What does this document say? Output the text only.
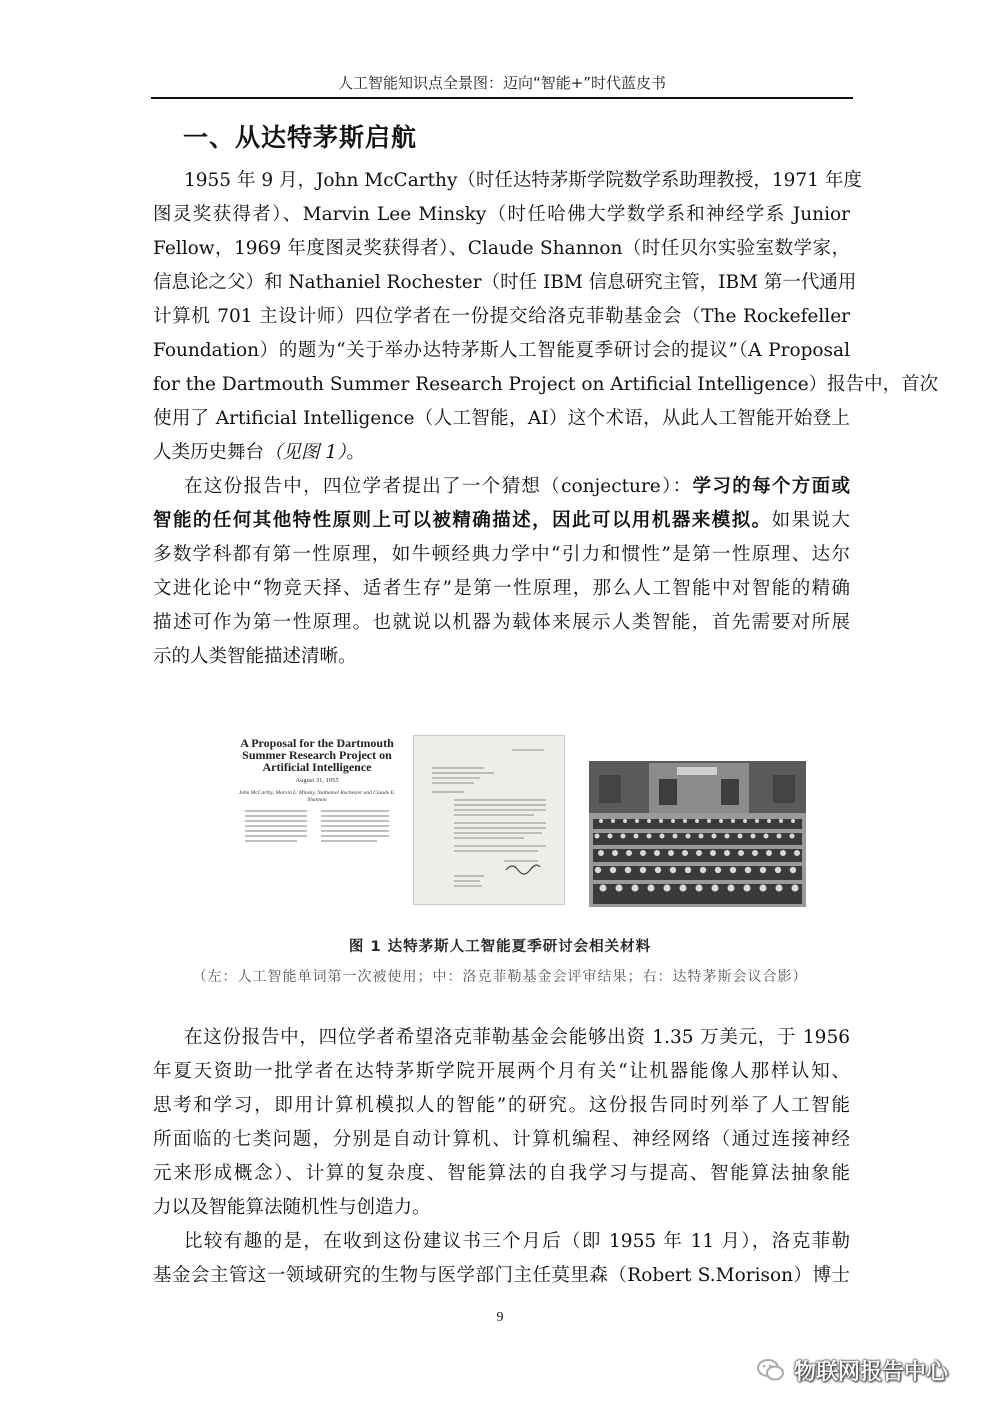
人工智能知识点全景图：迈向“智能+”时代蓝皮书
一、从达特茅斯启航
1955 年 9 月，John McCarthy（时任达特茅斯学院数学系助理教授，1971 年度
图灵奖获得者）、Marvin Lee Minsky（时任哈佛大学数学系和神经学系 Junior
Fellow，1969 年度图灵奖获得者）、Claude Shannon（时任贝尔实验室数学家，
信息论之父）和 Nathaniel Rochester（时任 IBM 信息研究主管，IBM 第一代通用
计算机 701 主设计师）四位学者在一份提交给洛克菲勒基金会（The Rockefeller
Foundation）的题为“关于举办达特茅斯人工智能夏季研讨会的提议”（A Proposal
for the Dartmouth Summer Research Project on Artificial Intelligence）报告中，首次
使用了 Artificial Intelligence（人工智能，AI）这个术语，从此人工智能开始登上
人类历史舞台（见图 1）。
在这份报告中，四位学者提出了一个猜想（conjecture）：学习的每个方面或
智能的任何其他特性原则上可以被精确描述，因此可以用机器来模拟。如果说大
多数学科都有第一性原理，如牛顿经典力学中“引力和惯性”是第一性原理、达尔
文进化论中“物竞天择、适者生存”是第一性原理，那么人工智能中对智能的精确
描述可作为第一性原理。也就说以机器为载体来展示人类智能，首先需要对所展
示的人类智能描述清晰。
A Proposal for the Dartmouth Summer Research Project on Artificial Intelligence
August 31, 1955
John McCarthy, Marvin L. Minsky, Nathaniel Rochester and Claude E. Shannon
图 1 达特茅斯人工智能夏季研讨会相关材料
（左：人工智能单词第一次被使用；中：洛克菲勒基金会评审结果；右：达特茅斯会议合影）
在这份报告中，四位学者希望洛克菲勒基金会能够出资 1.35 万美元，于 1956
年夏天资助一批学者在达特茅斯学院开展两个月有关“让机器能像人那样认知、
思考和学习，即用计算机模拟人的智能”的研究。这份报告同时列举了人工智能
所面临的七类问题，分别是自动计算机、计算机编程、神经网络（通过连接神经
元来形成概念）、计算的复杂度、智能算法的自我学习与提高、智能算法抽象能
力以及智能算法随机性与创造力。
比较有趣的是，在收到这份建议书三个月后（即 1955 年 11 月），洛克菲勒
基金会主管这一领域研究的生物与医学部门主任莫里森（Robert S.Morison）博士
9
物联网报告中心
